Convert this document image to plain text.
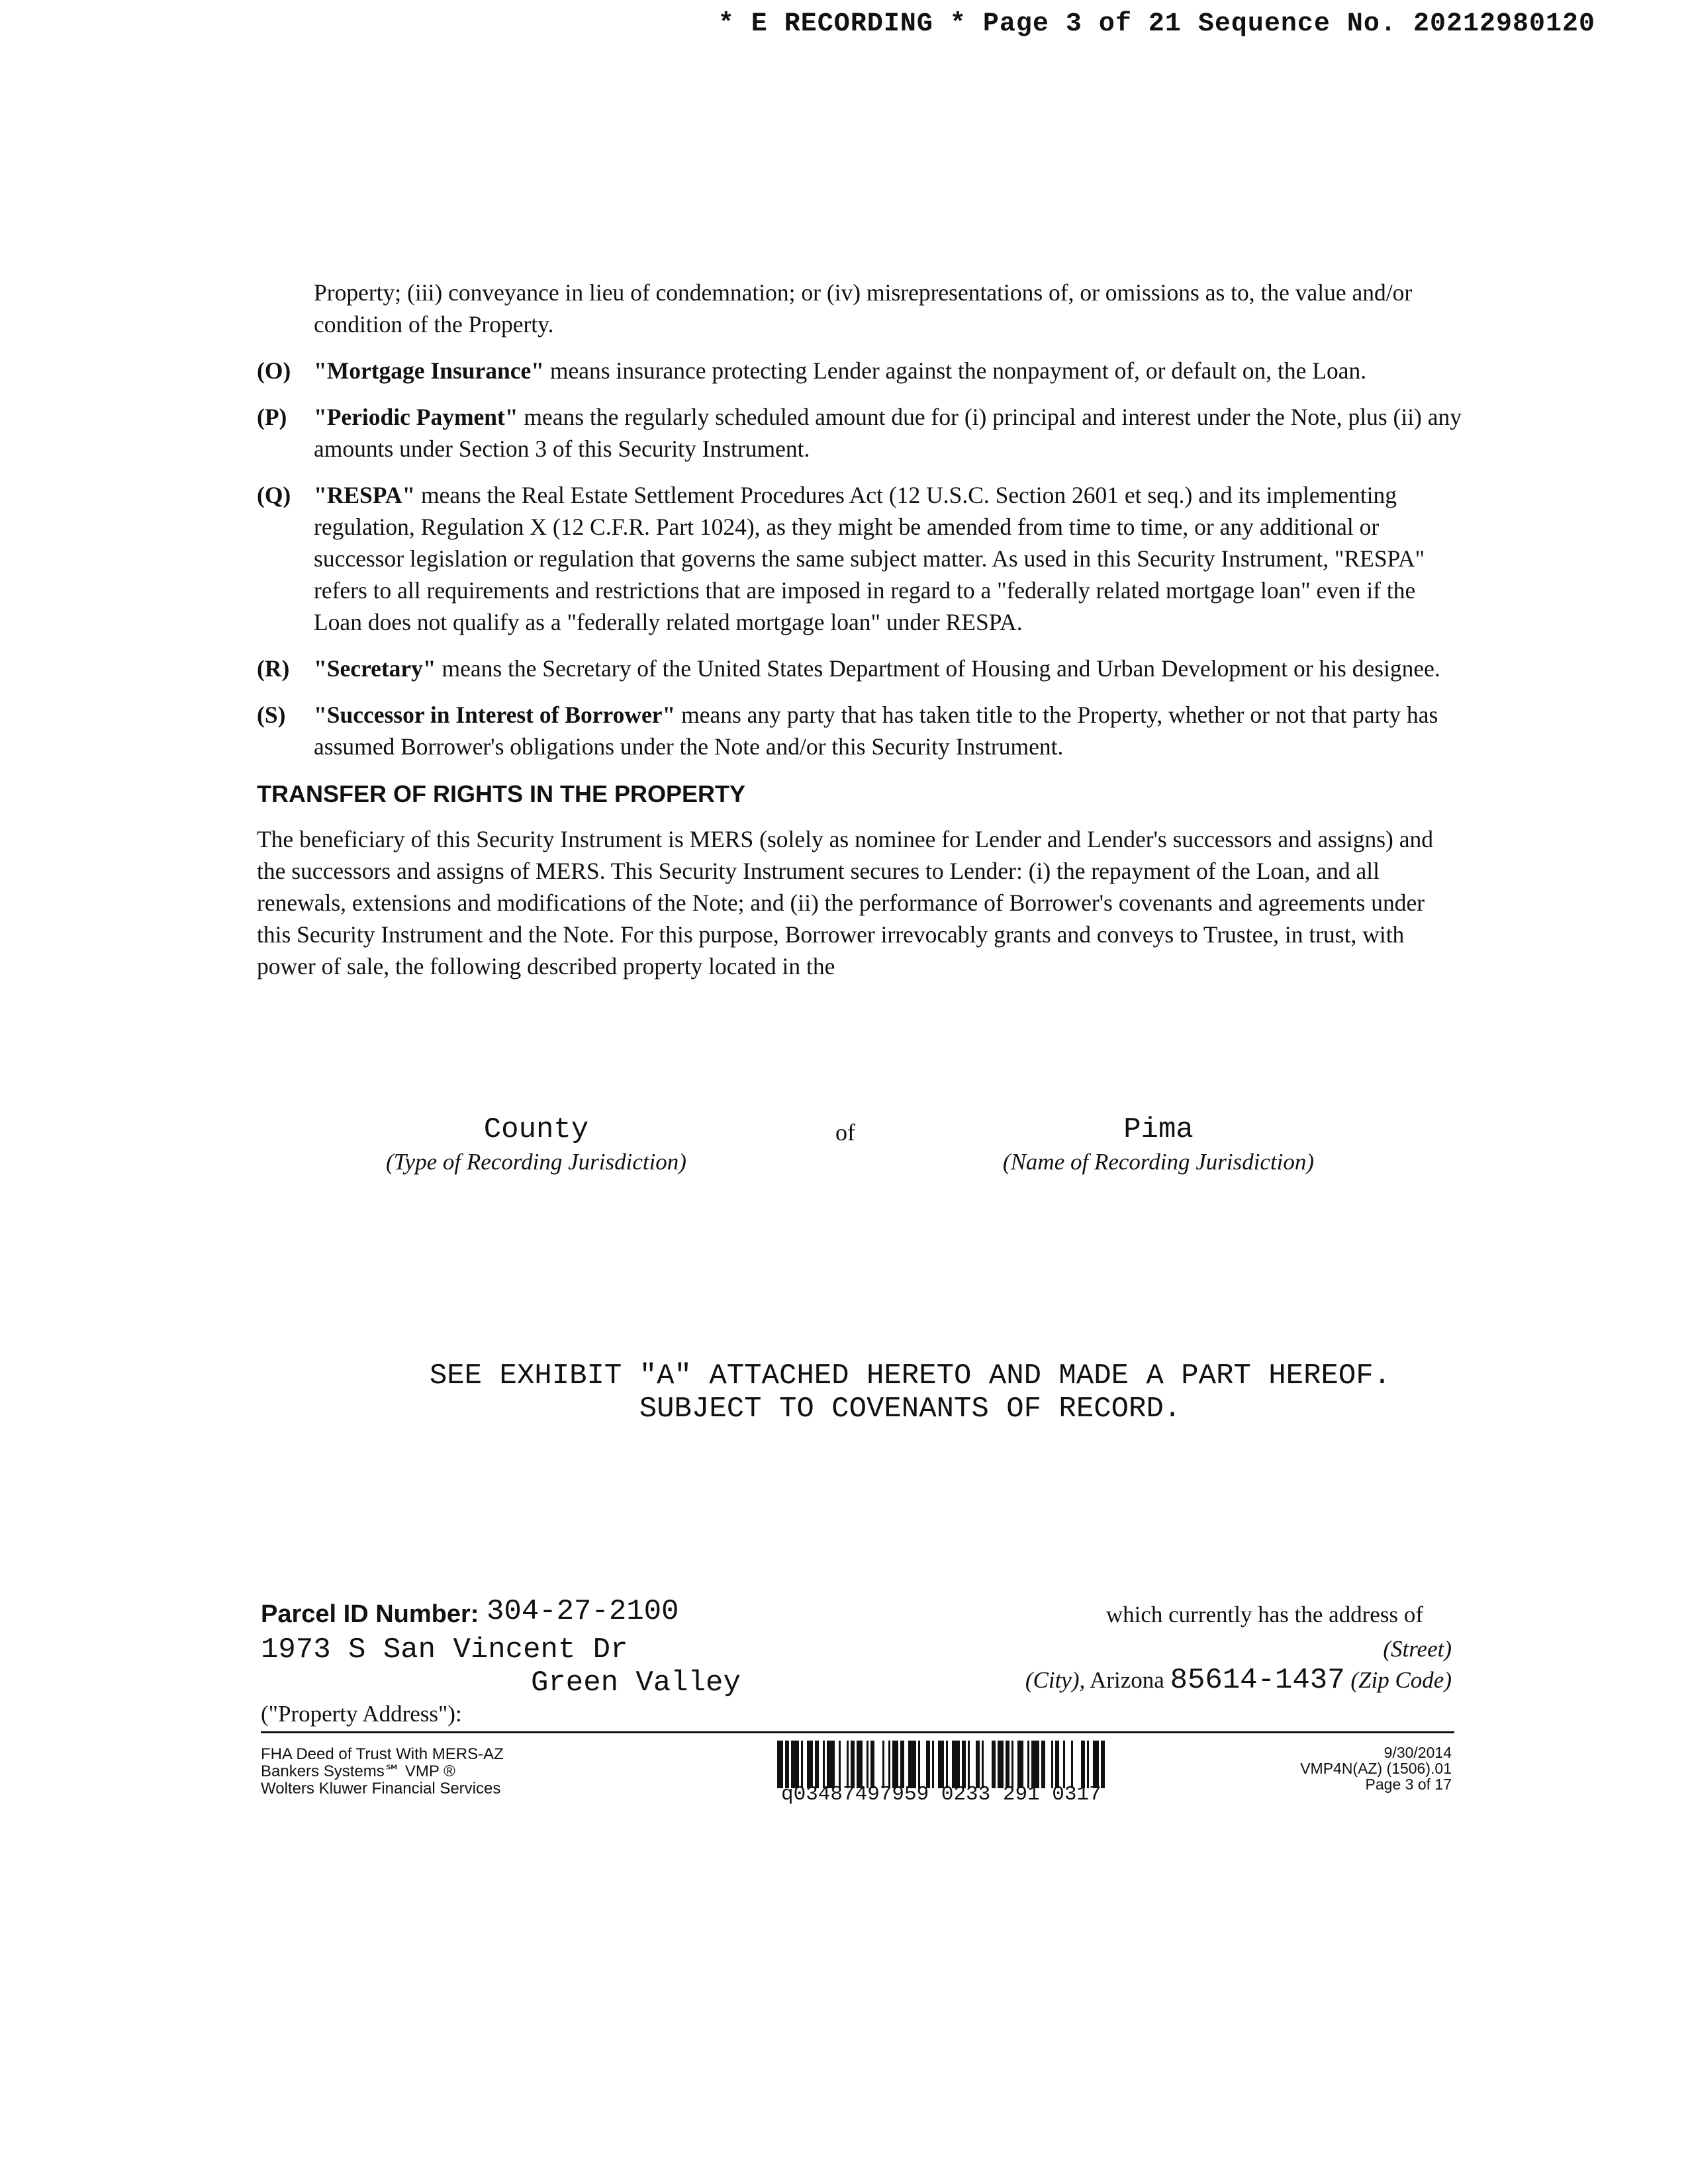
* E RECORDING * Page 3 of 21 Sequence No. 20212980120
Property; (iii) conveyance in lieu of condemnation; or (iv) misrepresentations of, or omissions as to, the value and/or condition of the Property.
(O) "Mortgage Insurance" means insurance protecting Lender against the nonpayment of, or default on, the Loan.
(P)	"Periodic Payment" means the regularly scheduled amount due for (i) principal and interest under the Note, plus (ii) any amounts under Section 3 of this Security Instrument.
(Q) "RESPA" means the Real Estate Settlement Procedures Act (12 U.S.C. Section 2601 et seq.) and its implementing regulation, Regulation X (12 C.F.R. Part 1024), as they might be amended from time to time, or any additional or successor legislation or regulation that governs the same subject matter. As used in this Security Instrument, "RESPA" refers to all requirements and restrictions that are imposed in regard to a "federally related mortgage loan" even if the Loan does not qualify as a "federally related mortgage loan" under RESPA.
(R)	"Secretary" means the Secretary of the United States Department of Housing and Urban Development or his designee.
(S)	"Successor in Interest of Borrower" means any party that has taken title to the Property, whether or not that party has assumed Borrower's obligations under the Note and/or this Security Instrument.
TRANSFER OF RIGHTS IN THE PROPERTY
The beneficiary of this Security Instrument is MERS (solely as nominee for Lender and Lender's successors and assigns) and the successors and assigns of MERS. This Security Instrument secures to Lender: (i) the repayment of the Loan, and all renewals, extensions and modifications of the Note; and (ii) the performance of Borrower's covenants and agreements under this Security Instrument and the Note. For this purpose, Borrower irrevocably grants and conveys to Trustee, in trust, with power of sale, the following described property located in the
County	of	Pima
(Type of Recording Jurisdiction)	(Name of Recording Jurisdiction)
SEE EXHIBIT "A" ATTACHED HERETO AND MADE A PART HEREOF.
SUBJECT TO COVENANTS OF RECORD.
Parcel ID Number: 304-27-2100
1973 S San Vincent Dr
Green Valley
("Property Address"):
which currently has the address of
(Street)
(City), Arizona 85614-1437 (Zip Code)
FHA Deed of Trust With MERS-AZ
Bankers Systems℠ VMP ®
Wolters Kluwer Financial Services	q03487497959 0233 291 0317
9/30/2014
VMP4N(AZ) (1506).01
Page 3 of 17
